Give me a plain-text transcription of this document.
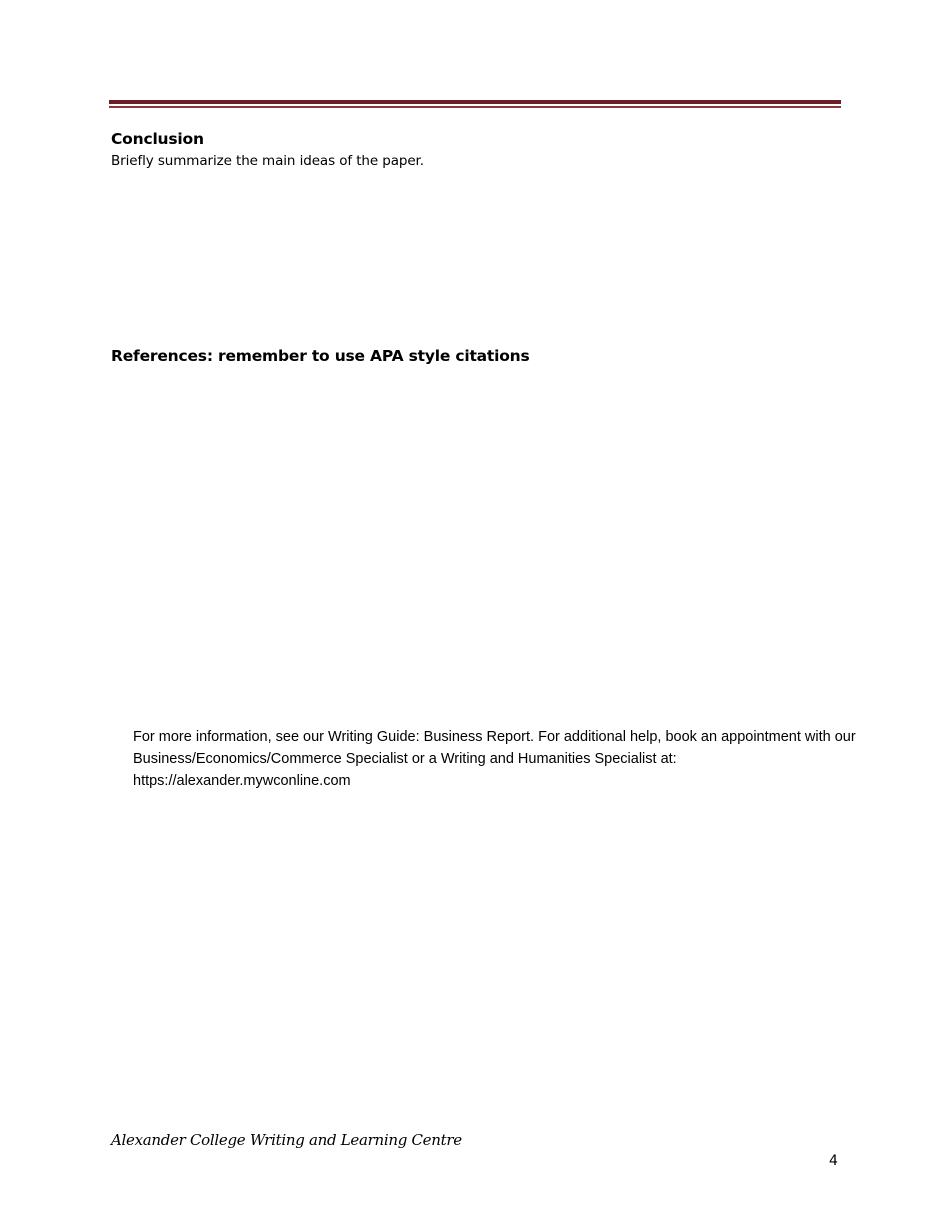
Conclusion
Briefly summarize the main ideas of the paper.
References: remember to use APA style citations
For more information, see our Writing Guide: Business Report. For additional help, book an appointment with our
Business/Economics/Commerce Specialist or a Writing and Humanities Specialist at:
https://alexander.mywconline.com
Alexander College Writing and Learning Centre
4
